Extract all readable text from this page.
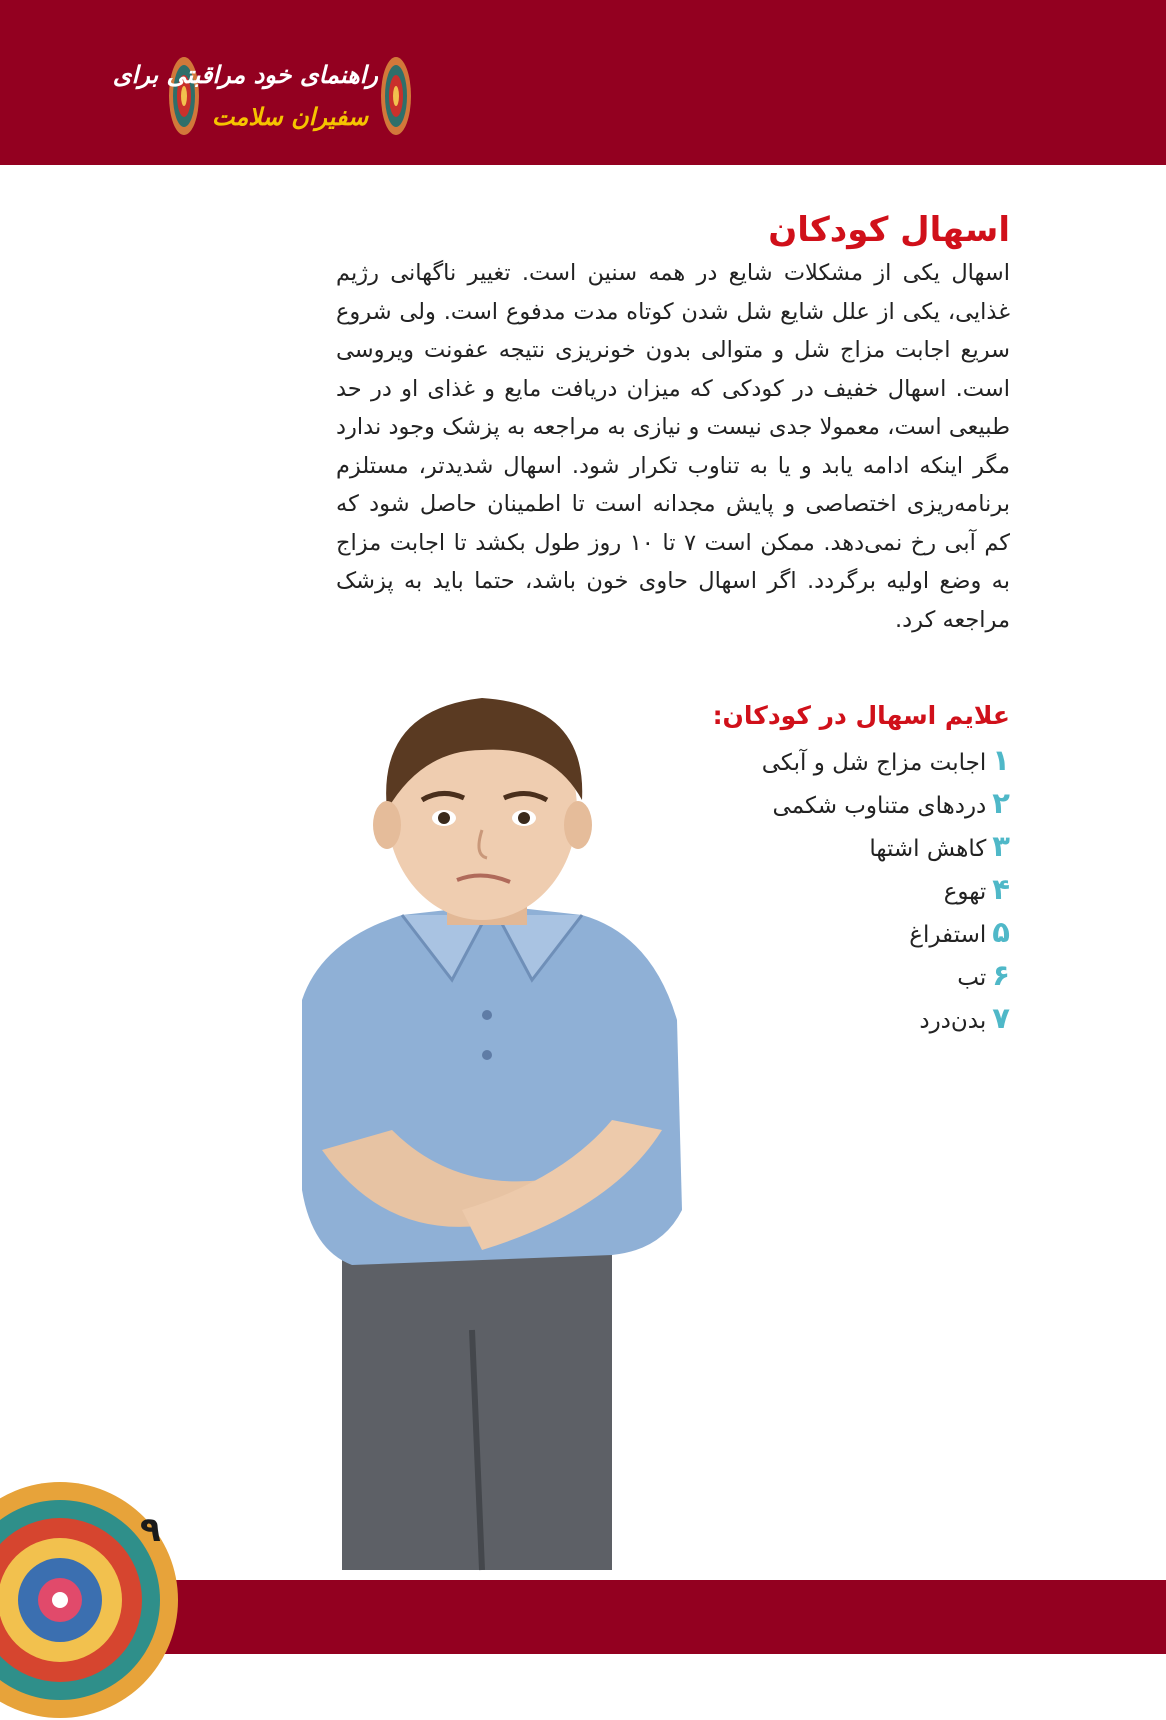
راهنمای خود مراقبتی برای
سفیران سلامت
اسهال کودکان

اسهال یکی از مشکلات شایع در همه سنین است. تغییر ناگهانی رژیم غذایی، یکی از علل شایع شل شدن کوتاه مدت مدفوع است. ولی شروع سریع اجابت مزاج شل و متوالی بدون خونریزی نتیجه عفونت ویروسی است. اسهال خفیف در کودکی که میزان دریافت مایع و غذای او در حد طبیعی است، معمولا جدی نیست و نیازی به مراجعه به پزشک وجود ندارد مگر اینکه ادامه یابد و یا به تناوب تکرار شود. اسهال شدیدتر، مستلزم برنامه‌ریزی اختصاصی و پایش مجدانه است تا اطمینان حاصل شود که کم آبی رخ نمی‌دهد. ممکن است ۷ تا ۱۰ روز طول بکشد تا اجابت مزاج به وضع اولیه برگردد. اگر اسهال حاوی خون باشد، حتما باید به پزشک مراجعه کرد.

علایم اسهال در کودکان:
۱اجابت مزاج شل و آبکی
۲دردهای متناوب شکمی
۳کاهش اشتها
۴تهوع
۵استفراغ
۶تب
۷بدن‌درد
۹
